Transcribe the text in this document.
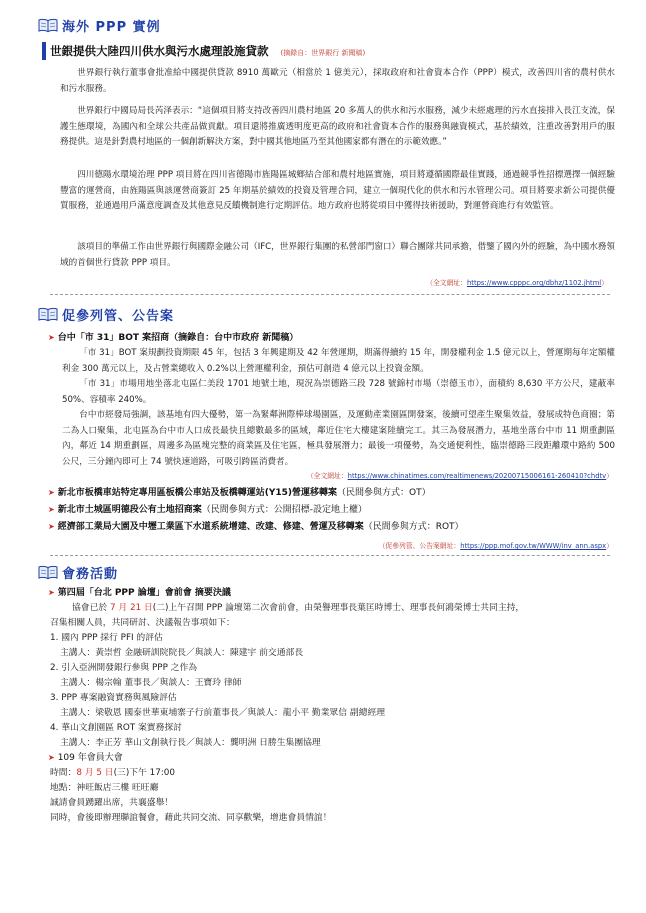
海外 PPP 實例
世銀提供大陸四川供水與污水處理設施貸款 (摘錄自：世界銀行 新聞稿)

世界銀行執行董事會批准給中國提供貸款 8910 萬歐元（相當於 1 億美元），採取政府和社會資本合作（PPP）模式，改善四川省的農村供水和污水服務。

世界銀行中國局局長芮泽表示：“這個項目將支持改善四川農村地區 20 多萬人的供水和污水服務，減少未經處理的污水直接排入長江支流，保護生態環境，為國內和全球公共產品做貢獻。項目還將推廣透明度更高的政府和社會資本合作的服務與融資模式，基於績效，注重改善對用戶的服務提供。這是針對農村地區的一個創新解決方案，對中國其他地區乃至其他國家都有潛在的示範效應。”

四川德陽水環境治理 PPP 項目將在四川省德陽市旌陽區城鄉結合部和農村地區實施，項目將遵循國際最佳實踐，通過競爭性招標選擇一個經驗豐富的運營商，由旌陽區與該運營商簽訂 25 年期基於績效的投資及管理合同，建立一個現代化的供水和污水管理公司。項目將要求新公司提供優質服務，並通過用戶滿意度調查及其他意見反饋機制進行定期評估。地方政府也將從項目中獲得技術援助，對運營商進行有效監管。

該項目的準備工作由世界銀行與國際金融公司（IFC，世界銀行集團的私營部門窗口）聯合團隊共同承擔，借鑒了國內外的經驗，為中國水務領域的首個世行貸款 PPP 項目。

（全文網址：https://www.cpppc.org/dbhz/1102.jhtml）
促參列管、公告案
➤ 台中「市 31」BOT 案招商（摘錄自：台中市政府 新聞稿）

「市 31」BOT 案規劃投資期限 45 年，包括 3 年興建期及 42 年營運期，期滿得續約 15 年，開發權利金 1.5 億元以上，營運期每年定額權利金 300 萬元以上，及占營業總收入 0.2%以上營運權利金，預估可創造 4 億元以上投資金額。

「市 31」市場用地坐落北屯區仁美段 1701 地號土地，現況為崇德路三段 728 號錦村市場（崇德玉市），面積約 8,630 平方公尺，建蔽率 50%、容積率 240%。

台中市經發局強調，該基地有四大優勢，第一為緊鄰洲際棒球場園區，及運動產業園區開發案，後續可望產生聚集效益，發展成特色商圈；第二為人口聚集，北屯區為台中市人口成長最快且總數最多的區域，鄰近住宅大樓建案陸續完工。其三為發展潛力，基地坐落台中市 11 期重劃區內，鄰近 14 期重劃區，周邊多為區塊完整的商業區及住宅區，極具發展潛力；最後一項優勢，為交通便利性，臨崇德路三段距離環中路約 500 公尺，三分鐘內即可上 74 號快速道路，可吸引跨區消費者。

（全文網址：https://www.chinatimes.com/realtimenews/20200715006161-260410?chdtv）
➤ 新北市板橋車站特定專用區板橋公車站及板橋轉運站(Y15)營運移轉案（民間參與方式：OT）
➤ 新北市土城區明德段公有土地招商案（民間參與方式：公開招標-設定地上權）
➤ 經濟部工業局大園及中壢工業區下水道系統增建、改建、修建、營運及移轉案（民間參與方式：ROT）
（促參列管、公告案網址：https://ppp.mof.gov.tw/WWW/inv_ann.aspx）
會務活動
➤ 第四屆「台北 PPP 論壇」會前會 摘要決議
協會已於 7 月 21 日(二)上午召開 PPP 論壇第二次會前會，由榮譽理事長葉匡時博士、理事長何鴻榮博士共同主持，
召集相關人員，共同研討、決議報告事項如下：
1. 國內 PPP 採行 PFI 的評估
主講人：黃崇哲 金融研訓院院長／與談人：陳建宇 前交通部長
2. 引入亞洲開發銀行參與 PPP 之作為
主講人：楊宗翰 董事長／與談人：王寶玲 律師
3. PPP 專案融資實務與風險評估
主講人：梁敬恩 國泰世華東埔寨子行前董事長／與談人：龍小平 勤業眾信 副總經理
4. 華山文創園區 ROT 案實務探討
主講人：李正芳 華山文創執行長／與談人：龔明洲 日勝生集團協理
➤ 109 年會員大會
時間：8 月 5 日(三)下午 17:00
地點：神旺飯店三樓 旺旺廳
誠請會員踴躍出席，共襄盛舉！
同時，會後即辦理聯誼餐會，藉此共同交流、同享歡樂，增進會員情誼！
